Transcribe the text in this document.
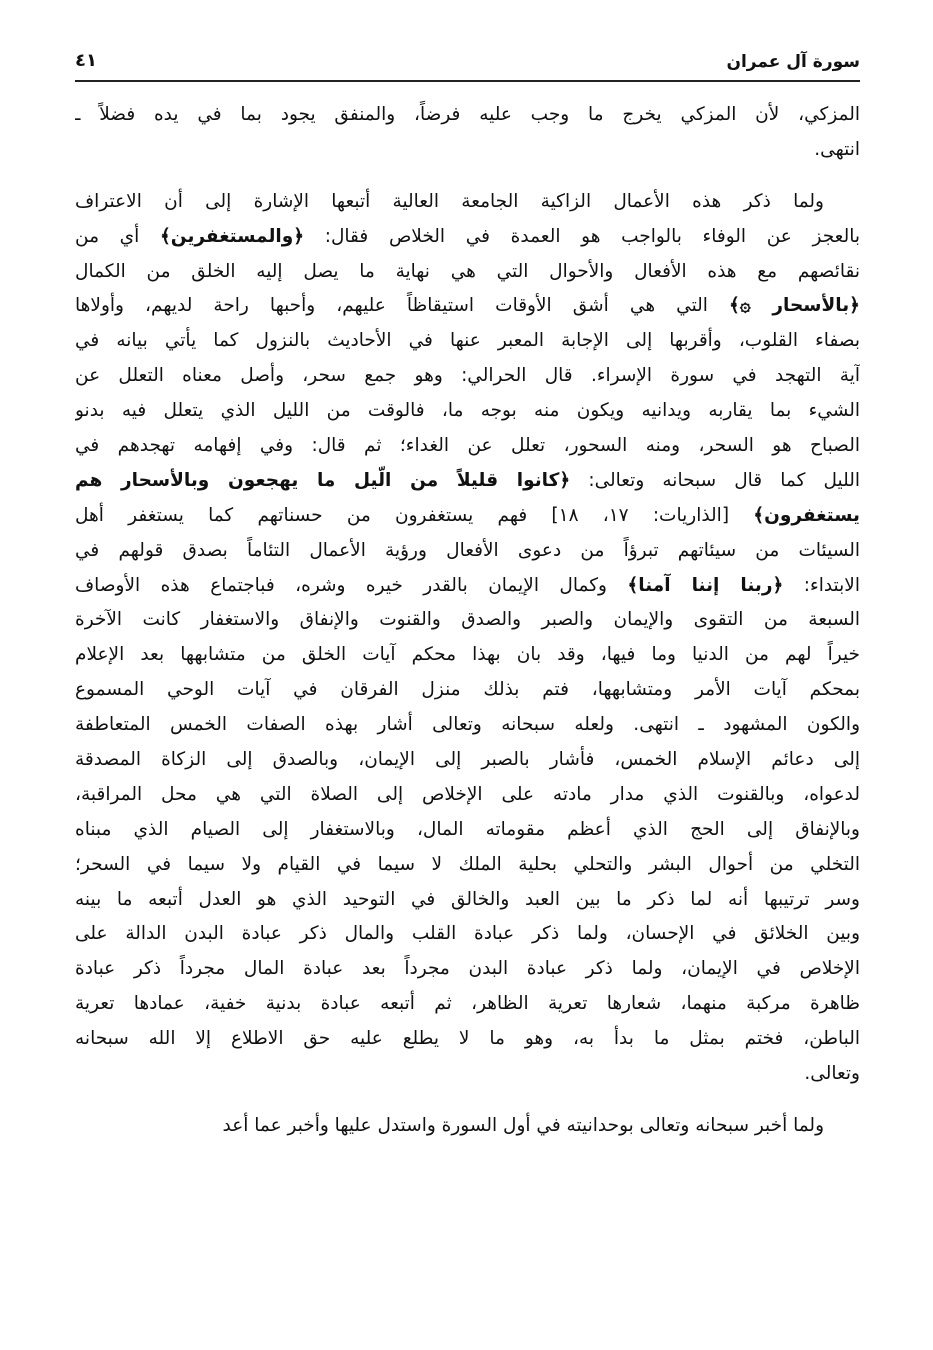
سورة آل عمران
٤١
المزكي، لأن المزكي يخرج ما وجب عليه فرضاً، والمنفق يجود بما في يده فضلاً ـ
انتهى.
ولما ذكر هذه الأعمال الزاكية الجامعة العالية أتبعها الإشارة إلى أن الاعتراف
بالعجز عن الوفاء بالواجب هو العمدة في الخلاص فقال: ﴿والمستغفرين﴾ أي من
نقائصهم مع هذه الأفعال والأحوال التي هي نهاية ما يصل إليه الخلق من الكمال
﴿بالأسحار ۞﴾ التي هي أشق الأوقات استيقاظاً عليهم، وأحبها راحة لديهم، وأولاها
بصفاء القلوب، وأقربها إلى الإجابة المعبر عنها في الأحاديث بالنزول كما يأتي بيانه في
آية التهجد في سورة الإسراء. قال الحرالي: وهو جمع سحر، وأصل معناه التعلل عن
الشيء بما يقاربه ويدانيه ويكون منه بوجه ما، فالوقت من الليل الذي يتعلل فيه بدنو
الصباح هو السحر، ومنه السحور، تعلل عن الغداء؛ ثم قال: وفي إفهامه تهجدهم في
الليل كما قال سبحانه وتعالى: ﴿كانوا قليلاً من الّيل ما يهجعون وبالأسحار هم
يستغفرون﴾ [الذاريات: ١٧، ١٨] فهم يستغفرون من حسناتهم كما يستغفر أهل
السيئات من سيئاتهم تبرؤاً من دعوى الأفعال ورؤية الأعمال التئاماً بصدق قولهم في
الابتداء: ﴿ربنا إننا آمنا﴾ وكمال الإيمان بالقدر خيره وشره، فباجتماع هذه الأوصاف
السبعة من التقوى والإيمان والصبر والصدق والقنوت والإنفاق والاستغفار كانت الآخرة
خيراً لهم من الدنيا وما فيها، وقد بان بهذا محكم آيات الخلق من متشابهها بعد الإعلام
بمحكم آيات الأمر ومتشابهها، فتم بذلك منزل الفرقان في آيات الوحي المسموع
والكون المشهود ـ انتهى. ولعله سبحانه وتعالى أشار بهذه الصفات الخمس المتعاطفة
إلى دعائم الإسلام الخمس، فأشار بالصبر إلى الإيمان، وبالصدق إلى الزكاة المصدقة
لدعواه، وبالقنوت الذي مدار مادته على الإخلاص إلى الصلاة التي هي محل المراقبة،
وبالإنفاق إلى الحج الذي أعظم مقوماته المال، وبالاستغفار إلى الصيام الذي مبناه
التخلي من أحوال البشر والتحلي بحلية الملك لا سيما في القيام ولا سيما في السحر؛
وسر ترتيبها أنه لما ذكر ما بين العبد والخالق في التوحيد الذي هو العدل أتبعه ما بينه
وبين الخلائق في الإحسان، ولما ذكر عبادة القلب والمال ذكر عبادة البدن الدالة على
الإخلاص في الإيمان، ولما ذكر عبادة البدن مجرداً بعد عبادة المال مجرداً ذكر عبادة
ظاهرة مركبة منهما، شعارها تعرية الظاهر، ثم أتبعه عبادة بدنية خفية، عمادها تعرية
الباطن، فختم بمثل ما بدأ به، وهو ما لا يطلع عليه حق الاطلاع إلا الله سبحانه
وتعالى.
ولما أخبر سبحانه وتعالى بوحدانيته في أول السورة واستدل عليها وأخبر عما أعد
